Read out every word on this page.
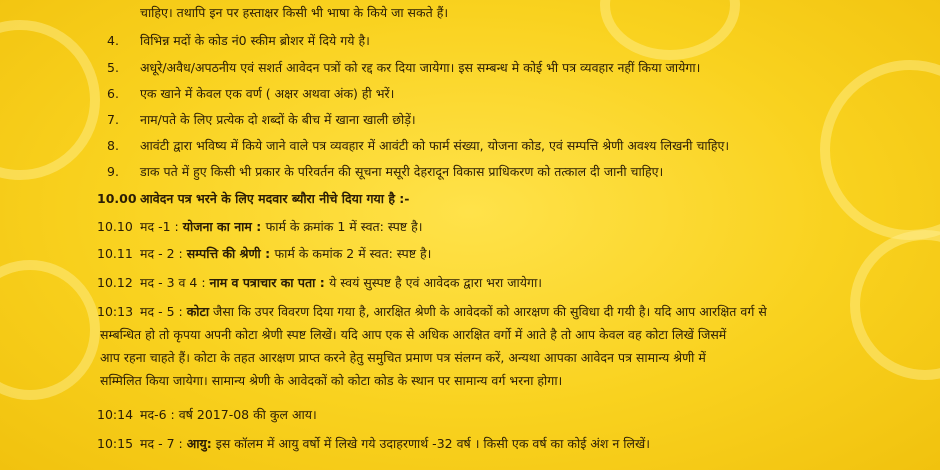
चाहिए। तथापि इन पर हस्ताक्षर किसी भी भाषा के किये जा सकते हैं।
4. विभिन्न मदों के कोड नं0 स्कीम ब्रोशर में दिये गये है।
5. अधूरे/अवैध/अपठनीय एवं सशर्त आवेदन पत्रों को रद्द कर दिया जायेगा। इस सम्बन्ध मे कोई भी पत्र व्यवहार नहीं किया जायेगा।
6. एक खाने में केवल एक वर्ण ( अक्षर अथवा अंक) ही भरें।
7. नाम/पते के लिए प्रत्येक दो शब्दों के बीच में खाना खाली छोड़ें।
8. आवंटी द्वारा भविष्य में किये जाने वाले पत्र व्यवहार में आवंटी को फार्म संख्या, योजना कोड, एवं सम्पत्ति श्रेणी अवश्य लिखनी चाहिए।
9. डाक पते में हुए किसी भी प्रकार के परिवर्तन की सूचना मसूरी देहरादून विकास प्राधिकरण को तत्काल दी जानी चाहिए।
10.00 आवेदन पत्र भरने के लिए मदवार ब्यौरा नीचे दिया गया है :-
10.10 मद -1 : योजना का नाम : फार्म के क्रमांक 1 में स्वत: स्पष्ट है।
10.11 मद - 2 : सम्पत्ति की श्रेणी : फार्म के कमांक 2 में स्वत: स्पष्ट है।
10.12 मद - 3 व 4 : नाम व पत्राचार का पता : ये स्वयं सुस्पष्ट है एवं आवेदक द्वारा भरा जायेगा।
10:13 मद - 5 : कोटा जैसा कि उपर विवरण दिया गया है, आरक्षित श्रेणी के आवेदकों को आरक्षण की सुविधा दी गयी है। यदि आप आरक्षित वर्ग से
सम्बन्धित हो तो कृपया अपनी कोटा श्रेणी स्पष्ट लिखें। यदि आप एक से अधिक आरक्षित वर्गो में आते है तो आप केवल वह कोटा लिखें जिसमें
आप रहना चाहते हैं। कोटा के तहत आरक्षण प्राप्त करने हेतु समुचित प्रमाण पत्र संलग्न करें, अन्यथा आपका आवेदन पत्र सामान्य श्रेणी में
सम्मिलित किया जायेगा। सामान्य श्रेणी के आवेदकों को कोटा कोड के स्थान पर सामान्य वर्ग भरना होगा।
10:14 मद-6 : वर्ष 2017-08 की कुल आय।
10:15 मद - 7 : आयु: इस कॉलम में आयु वर्षो में लिखे गये उदाहरणार्थ -32 वर्ष । किसी एक वर्ष का कोई अंश न लिखें।
